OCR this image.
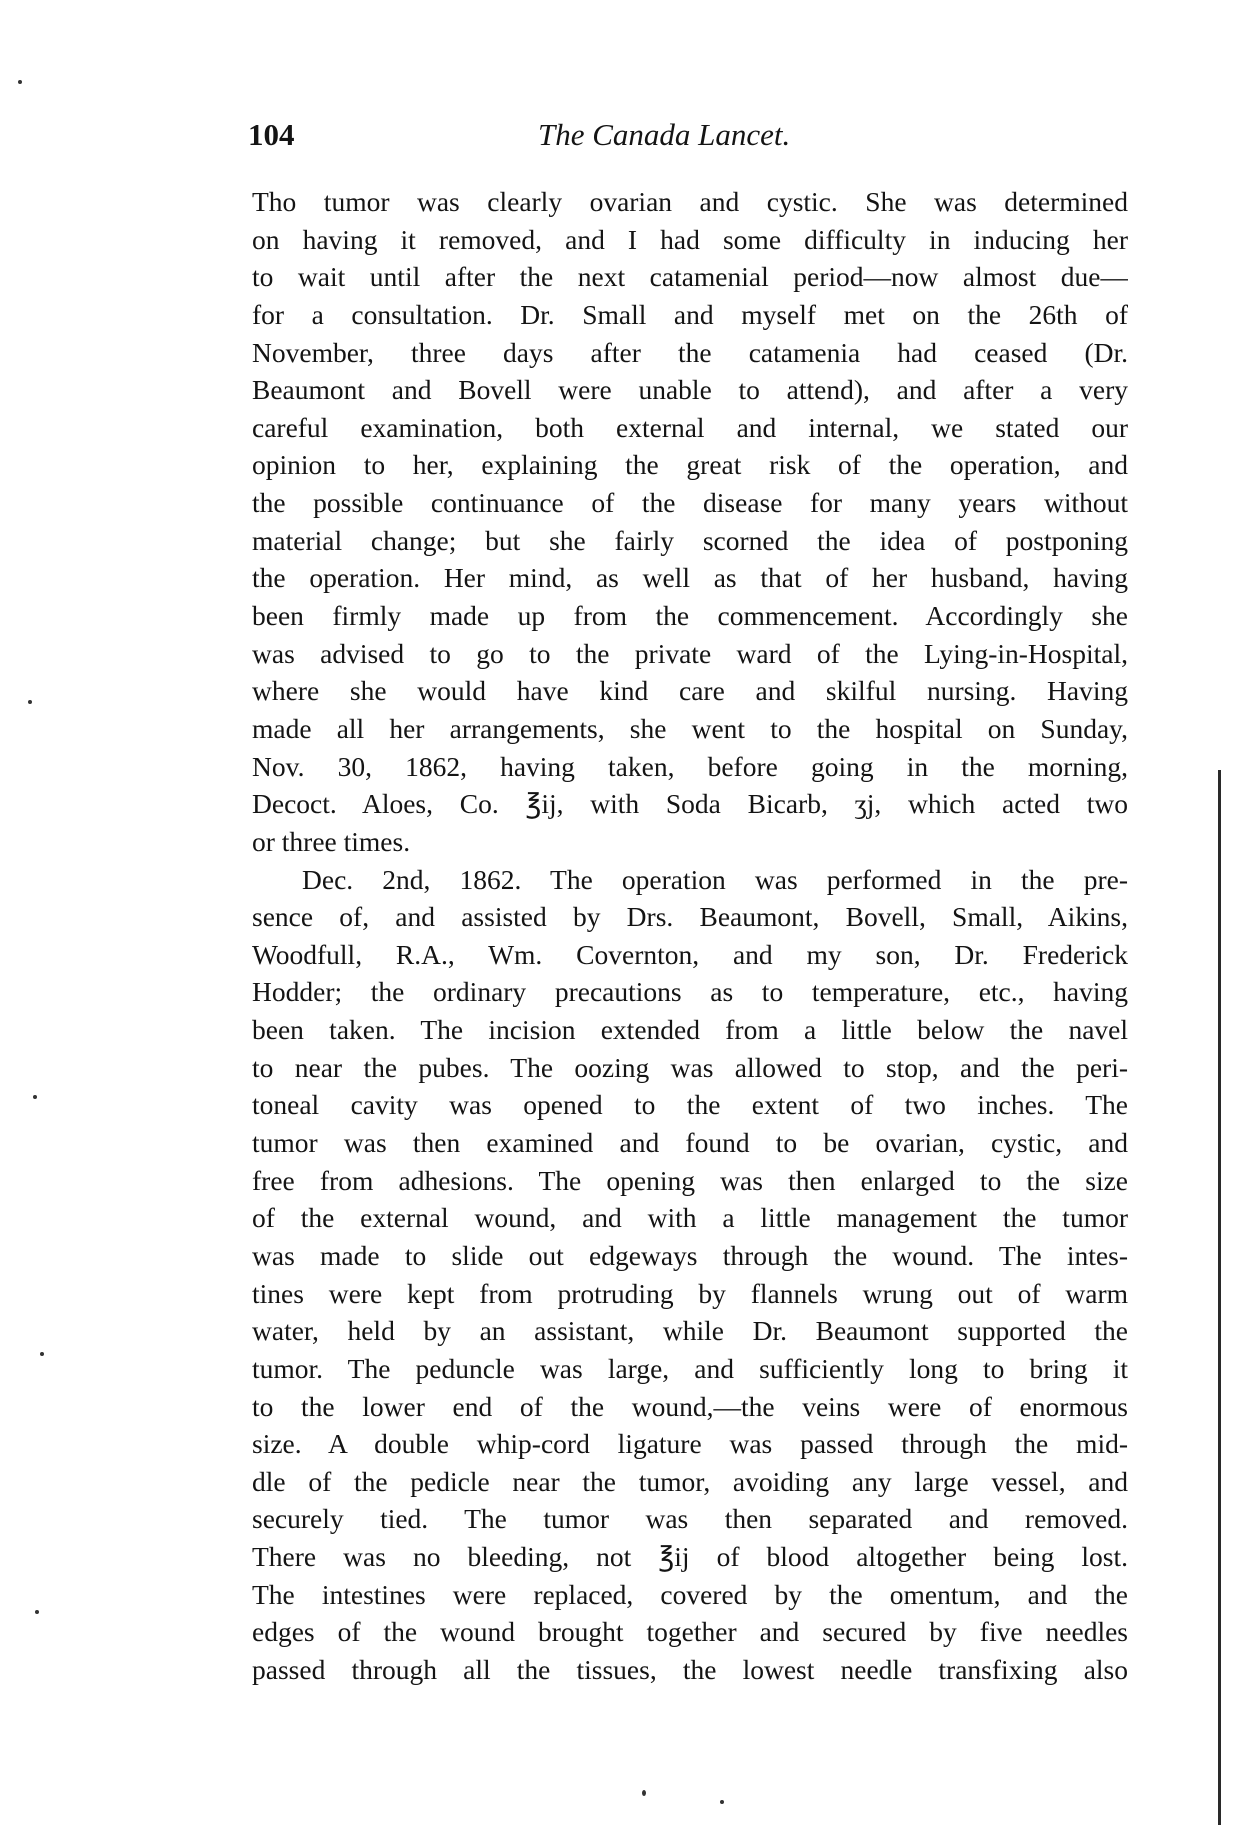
104	The Canada Lancet.
Tho tumor was clearly ovarian and cystic. She was determined
on having it removed, and I had some difficulty in inducing her
to wait until after the next catamenial period—now almost due—
for a consultation. Dr. Small and myself met on the 26th of
November, three days after the catamenia had ceased (Dr.
Beaumont and Bovell were unable to attend), and after a very
careful examination, both external and internal, we stated our
opinion to her, explaining the great risk of the operation, and
the possible continuance of the disease for many years without
material change; but she fairly scorned the idea of postponing
the operation. Her mind, as well as that of her husband, having
been firmly made up from the commencement. Accordingly she
was advised to go to the private ward of the Lying-in-Hospital,
where she would have kind care and skilful nursing. Having
made all her arrangements, she went to the hospital on Sunday,
Nov. 30, 1862, having taken, before going in the morning,
Decoct. Aloes, Co. ℥ij, with Soda Bicarb, ʒj, which acted two
or three times.
Dec. 2nd, 1862. The operation was performed in the pre-
sence of, and assisted by Drs. Beaumont, Bovell, Small, Aikins,
Woodfull, R.A., Wm. Covernton, and my son, Dr. Frederick
Hodder; the ordinary precautions as to temperature, etc., having
been taken. The incision extended from a little below the navel
to near the pubes. The oozing was allowed to stop, and the peri-
toneal cavity was opened to the extent of two inches. The
tumor was then examined and found to be ovarian, cystic, and
free from adhesions. The opening was then enlarged to the size
of the external wound, and with a little management the tumor
was made to slide out edgeways through the wound. The intes-
tines were kept from protruding by flannels wrung out of warm
water, held by an assistant, while Dr. Beaumont supported the
tumor. The peduncle was large, and sufficiently long to bring it
to the lower end of the wound,—the veins were of enormous
size. A double whip-cord ligature was passed through the mid-
dle of the pedicle near the tumor, avoiding any large vessel, and
securely tied. The tumor was then separated and removed.
There was no bleeding, not ℥ij of blood altogether being lost.
The intestines were replaced, covered by the omentum, and the
edges of the wound brought together and secured by five needles
passed through all the tissues, the lowest needle transfixing also
